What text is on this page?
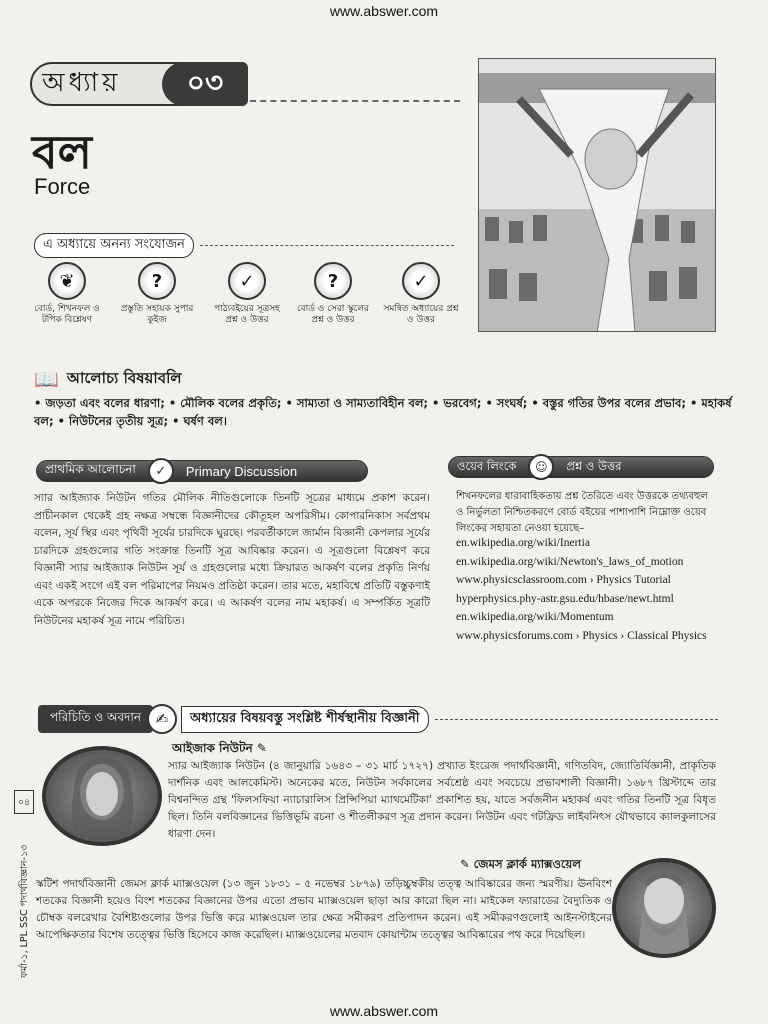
www.abswer.com
অধ্যায়	০৩
বল
Force
এ অধ্যায়ে অনন্য সংযোজন
❦
বোর্ড, শিখনফল ও টপিক বিশ্লেষণ
?
প্রস্তুতি সহায়ক সুপার কুইজ
✓
পাঠ্যবইয়ের সূত্রসহ প্রশ্ন ও উত্তর
?
বোর্ড ও সেরা স্কুলের প্রশ্ন ও উত্তর
✓
সমন্বিত অধ্যায়ের প্রশ্ন ও উত্তর
📖 আলোচ্য বিষয়াবলি
• জড়তা এবং বলের ধারণা; • মৌলিক বলের প্রকৃতি; • সাম্যতা ও সাম্যতাবিহীন বল; • ভরবেগ; • সংঘর্ষ; • বস্তুর গতির উপর বলের প্রভাব; • মহাকর্ষ বল; • নিউটনের তৃতীয় সূত্র; • ঘর্ষণ বল।
প্রাথমিক আলোচনা	✓	Primary Discussion
স্যার আইজ্যাক নিউটন গতির মৌলিক নীতিগুলোকে তিনটি সূত্রের মাধ্যমে প্রকাশ করেন। প্রাচীনকাল থেকেই গ্রহ নক্ষত্র সম্বন্ধে বিজ্ঞানীদের কৌতূহল অপরিসীম। কোপারনিকাস সর্বপ্রথম বলেন, সূর্য স্থির এবং পৃথিবী সূর্যের চারদিকে ঘুরছে। পরবর্তীকালে জার্মান বিজ্ঞানী কেপলার সূর্যের চারদিকে গ্রহগুলোর গতি সংক্রান্ত তিনটি সূত্র আবিষ্কার করেন। এ সূত্রগুলো বিশ্লেষণ করে বিজ্ঞানী স্যার আইজ্যাক নিউটন সূর্য ও গ্রহগুলোর মধ্যে ক্রিয়ারত আকর্ষণ বলের প্রকৃতি নির্ণয় এবং একই সংগে এই বল পরিমাপের নিয়মও প্রতিষ্ঠা করেন। তার মতে, মহাবিশ্বে প্রতিটি বস্তুকণাই একে অপরকে নিজের দিকে আকর্ষণ করে। এ আকর্ষণ বলের নাম মহাকর্ষ। এ সম্পর্কিত সূত্রটি নিউটনের মহাকর্ষ সূত্র নামে পরিচিত।
ওয়েব লিংকে	☺	প্রশ্ন ও উত্তর
শিখনফলের ধারাবাহিকতায় প্রশ্ন তৈরিতে এবং উত্তরকে তথ্যবহুল ও নির্ভুলতা নিশ্চিতকরণে বোর্ড বইয়ের পাশাপাশি নিম্নোক্ত ওয়েব লিংকের সহায়তা নেওয়া হয়েছে–
en.wikipedia.org/wiki/Inertia
en.wikipedia.org/wiki/Newton's_laws_of_motion
www.physicsclassroom.com › Physics Tutorial
hyperphysics.phy-astr.gsu.edu/hbase/newt.html
en.wikipedia.org/wiki/Momentum
www.physicsforums.com › Physics › Classical Physics
পরিচিতি ও অবদান ✍	অধ্যায়ের বিষয়বস্তু সংশ্লিষ্ট শীর্ষস্থানীয় বিজ্ঞানী
আইজাক নিউটন ✎
স্যার আইজ্যাক নিউটন (৪ জানুয়ারি ১৬৪৩ – ৩১ মার্চ ১৭২৭) প্রখ্যাত ইংরেজ পদার্থবিজ্ঞানী, গণিতবিদ, জ্যোতির্বিজ্ঞানী, প্রাকৃতিক দার্শনিক এবং আলকেমিস্ট। অনেকের মতে, নিউটন সর্বকালের সর্বশ্রেষ্ঠ এবং সবচেয়ে প্রভাবশালী বিজ্ঞানী। ১৬৮৭ খ্রিস্টাব্দে তার বিশ্বনন্দিত গ্রন্থ 'ফিলসফিয়া ন্যাচারালিস প্রিন্সিপিয়া ম্যাথমেটিকা' প্রকাশিত হয়, যাতে সর্বজনীন মহাকর্ষ এবং গতির তিনটি সূত্র বিধৃত ছিল। তিনি বলবিজ্ঞানের ভিত্তিভূমি রচনা ও শীতলীকরণ সূত্র প্রদান করেন। নিউটন এবং গটফ্রিড লাইবনিৎস যৌথভাবে ক্যালকুলাসের ধারণা দেন।
✎ জেমস ক্লার্ক ম্যাক্সওয়েল
স্কটিশ পদার্থবিজ্ঞানী জেমস ক্লার্ক ম্যাক্সওয়েল (১৩ জুন ১৮৩১ – ৫ নভেম্বর ১৮৭৯) তড়িচ্চুম্বকীয় তত্ত্ব আবিষ্কারের জন্য স্মরণীয়। ঊনবিংশ শতকের বিজ্ঞানী হয়েও বিংশ শতকের বিজ্ঞানের উপর এতো প্রভাব ম্যাক্সওয়েল ছাড়া আর কারো ছিল না। মাইকেল ফ্যারাডের বৈদ্যুতিক ও চৌম্বক বলরেখার বৈশিষ্ট্যগুলোর উপর ভিত্তি করে ম্যাক্সওয়েল তার ক্ষেত্র সমীকরণ প্রতিপাদন করেন। এই সমীকরণগুলোই আইনস্টাইনের আপেক্ষিকতার বিশেষ তত্ত্বের ভিত্তি হিসেবে কাজ করেছিল। ম্যাক্সওয়েলের মতবাদ কোয়ান্টাম তত্ত্বের আবিষ্কারের পথ করে দিয়েছিল।
০৪
ফর্মা-১, LPL SSC পদার্থবিজ্ঞান-১৩
www.abswer.com
